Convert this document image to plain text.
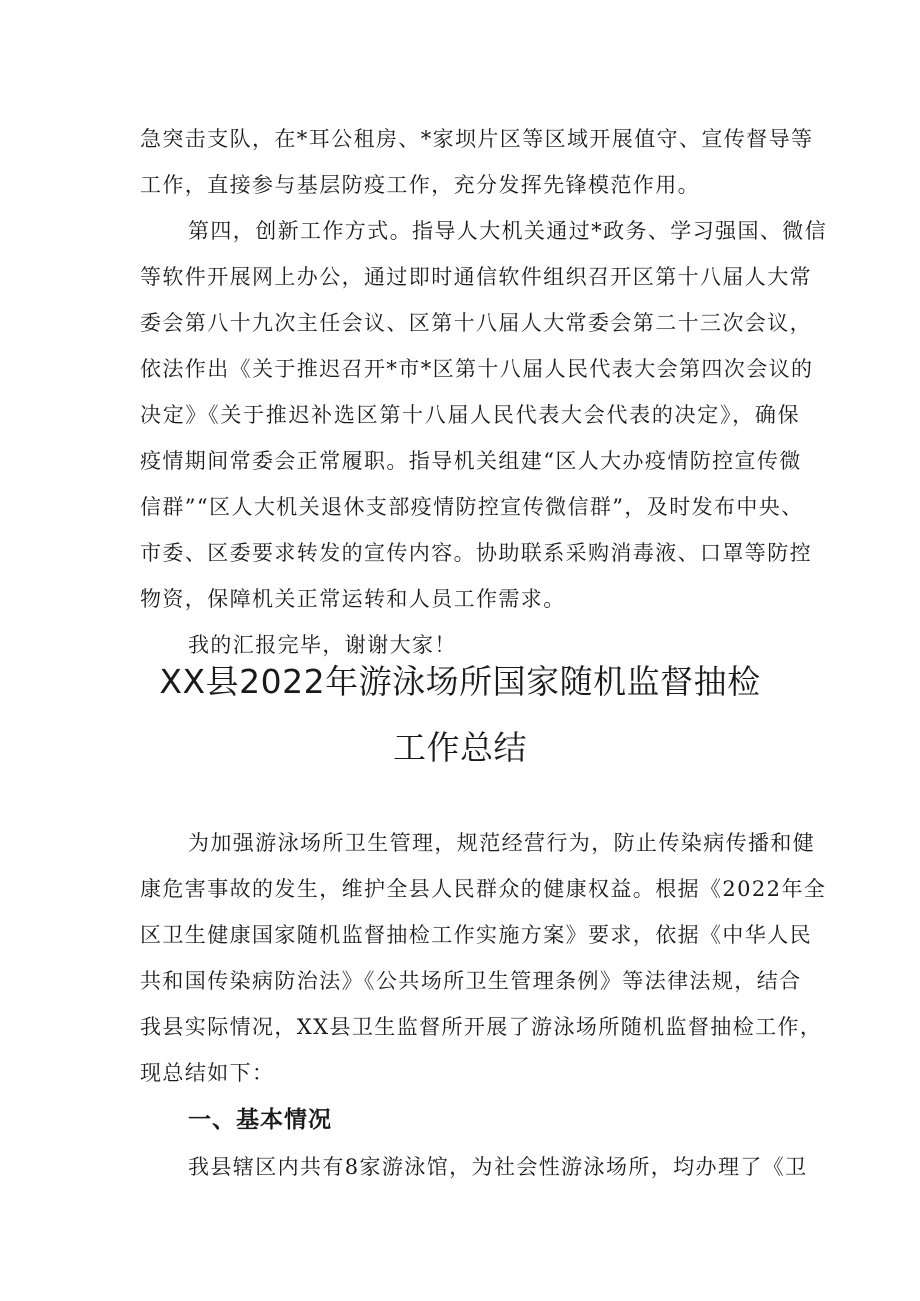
急突击支队，在*耳公租房、*家坝片区等区域开展值守、宣传督导等
工作，直接参与基层防疫工作，充分发挥先锋模范作用。
第四，创新工作方式。指导人大机关通过*政务、学习强国、微信
等软件开展网上办公，通过即时通信软件组织召开区第十八届人大常
委会第八十九次主任会议、区第十八届人大常委会第二十三次会议，
依法作出《关于推迟召开*市*区第十八届人民代表大会第四次会议的
决定》《关于推迟补选区第十八届人民代表大会代表的决定》，确保
疫情期间常委会正常履职。指导机关组建“区人大办疫情防控宣传微
信群”“区人大机关退休支部疫情防控宣传微信群”，及时发布中央、
市委、区委要求转发的宣传内容。协助联系采购消毒液、口罩等防控
物资，保障机关正常运转和人员工作需求。
我的汇报完毕，谢谢大家！
XX县2022年游泳场所国家随机监督抽检
工作总结
为加强游泳场所卫生管理，规范经营行为，防止传染病传播和健
康危害事故的发生，维护全县人民群众的健康权益。根据《2022年全
区卫生健康国家随机监督抽检工作实施方案》要求，依据《中华人民
共和国传染病防治法》《公共场所卫生管理条例》等法律法规，结合
我县实际情况，XX县卫生监督所开展了游泳场所随机监督抽检工作，
现总结如下：
一、基本情况
我县辖区内共有8家游泳馆，为社会性游泳场所，均办理了《卫
